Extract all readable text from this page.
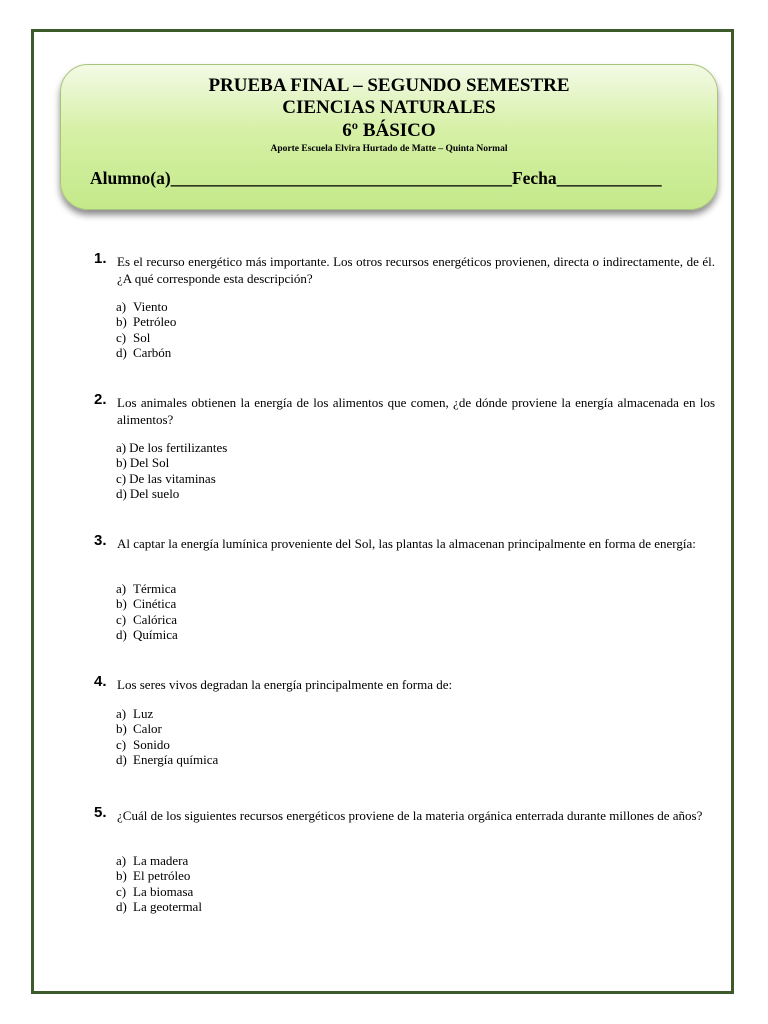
PRUEBA FINAL – SEGUNDO SEMESTRE
CIENCIAS NATURALES
6º BÁSICO
Aporte Escuela Elvira Hurtado de Matte – Quinta Normal
Alumno(a)_______________________________________Fecha____________
1. Es el recurso energético más importante. Los otros recursos energéticos provienen, directa o indirectamente, de él. ¿A qué corresponde esta descripción?
a) Viento
b) Petróleo
c) Sol
d) Carbón
2. Los animales obtienen la energía de los alimentos que comen, ¿de dónde proviene la energía almacenada en los alimentos?
a) De los fertilizantes
b) Del Sol
c) De las vitaminas
d) Del suelo
3. Al captar la energía lumínica proveniente del Sol, las plantas la almacenan principalmente en forma de energía:
a) Térmica
b) Cinética
c) Calórica
d) Química
4. Los seres vivos degradan la energía principalmente en forma de:
a) Luz
b) Calor
c) Sonido
d) Energía química
5. ¿Cuál de los siguientes recursos energéticos proviene de la materia orgánica enterrada durante millones de años?
a) La madera
b) El petróleo
c) La biomasa
d) La geotermal
